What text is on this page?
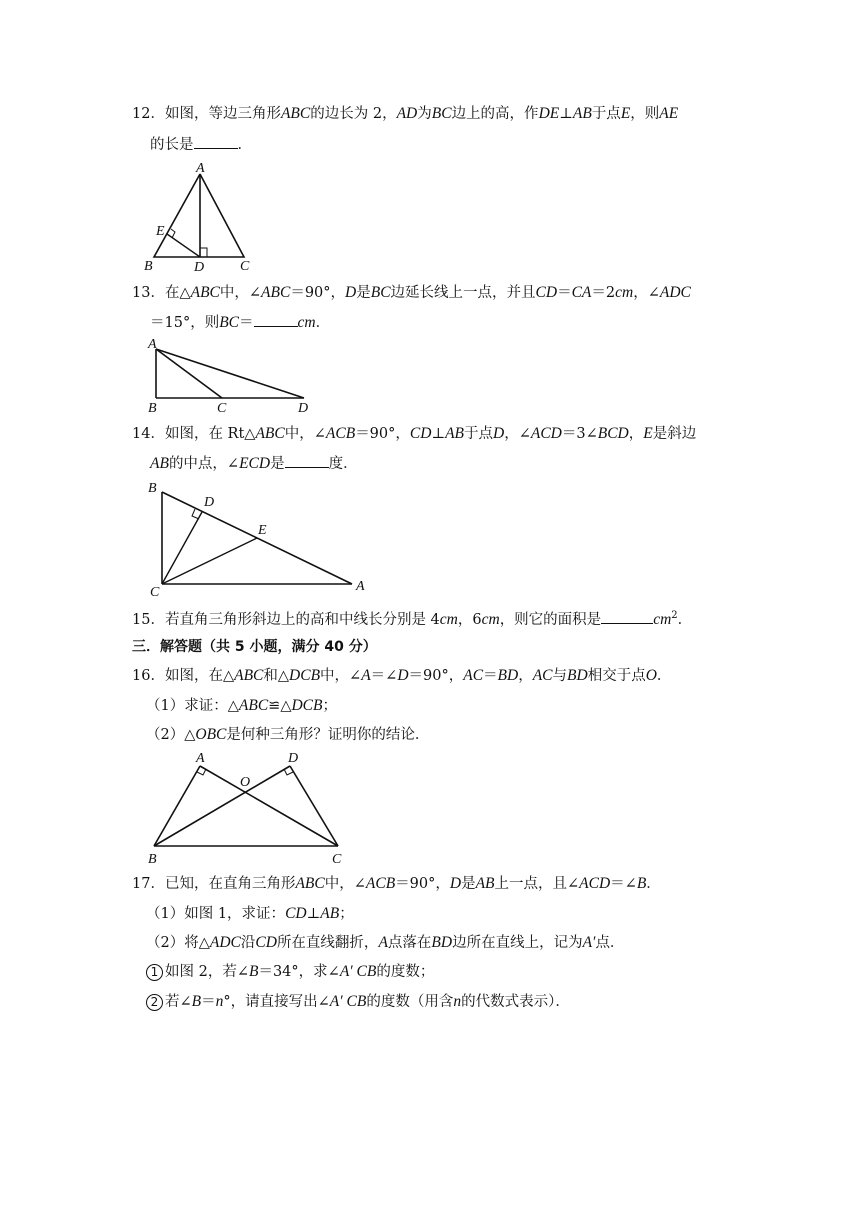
12．如图，等边三角形ABC的边长为 2，AD为BC边上的高，作DE⊥AB于点E，则AE
的长是	．
A
B	C
D
E
13．在△ABC中，∠ABC＝90°，D是BC边延长线上一点，并且CD＝CA＝2cm，∠ADC
＝15°，则BC＝	cm．
A
B	C	D
14．如图，在 Rt△ABC中，∠ACB＝90°，CD⊥AB于点D，∠ACD＝3∠BCD，E是斜边
AB的中点，∠ECD是	度．
B
D
E
C	A
15．若直角三角形斜边上的高和中线长分别是 4cm，6cm，则它的面积是	$cm^2$．
三．解答题（共 5 小题，满分 40 分）
16．如图，在△ABC和△DCB中，∠A＝∠D＝90°，AC＝BD，AC与BD相交于点O．
（1）求证：△ABC≌△DCB；
（2）△OBC是何种三角形？证明你的结论．
A	D
O
B	C
17．已知，在直角三角形ABC中，∠ACB＝90°，D是AB上一点，且∠ACD＝∠B．
（1）如图 1，求证：CD⊥AB；
（2）将△ADC沿CD所在直线翻折，A点落在BD边所在直线上，记为A′点．
1 如图 2，若∠B＝34°，求∠A′ CB的度数；
2 若∠B＝n°，请直接写出∠A′ CB的度数（用含n的代数式表示）．
